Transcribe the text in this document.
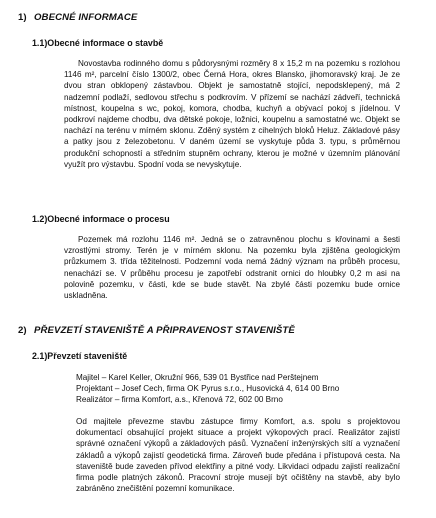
1) OBECNÉ INFORMACE
1.1)Obecné informace o stavbě

Novostavba rodinného domu s půdorysnými rozměry 8 x 15,2 m na pozemku s rozlohou 1146 m², parcelní číslo 1300/2, obec Černá Hora, okres Blansko, jihomoravský kraj. Je ze dvou stran obklopený zástavbou. Objekt je samostatně stojící, nepodsklepený, má 2 nadzemní podlaží, sedlovou střechu s podkrovím. V přízemí se nachází zádveří, technická místnost, koupelna s wc, pokoj, komora, chodba, kuchyň a obývací pokoj s jídelnou. V podkroví najdeme chodbu, dva dětské pokoje, ložnici, koupelnu a samostatné wc. Objekt se nachází na terénu v mírném sklonu. Zděný systém z cihelných bloků Heluz. Základové pásy a patky jsou z železobetonu. V daném území se vyskytuje půda 3. typu, s průměrnou produkční schopností a středním stupněm ochrany, kterou je možné v územním plánování využít pro výstavbu. Spodní voda se nevyskytuje.

1.2)Obecné informace o procesu

Pozemek má rozlohu 1146 m². Jedná se o zatravněnou plochu s křovinami a šesti vzrostlými stromy. Terén je v mírném sklonu. Na pozemku byla zjištěna geologickým průzkumem 3. třída těžitelnosti. Podzemní voda nemá žádný význam na průběh procesu, nenachází se. V průběhu procesu je zapotřebí odstranit ornici do hloubky 0,2 m asi na polovině pozemku, v části, kde se bude stavět. Na zbylé části pozemku bude ornice uskladněna.

2) PŘEVZETÍ STAVENIŠTĚ A PŘIPRAVENOST STAVENIŠTĚ
2.1)Převzetí staveniště
Majitel – Karel Keller, Okružní 966, 539 01 Bystřice nad Perštejnem
Projektant – Josef Cech, firma OK Pyrus s.r.o., Husovická 4, 614 00 Brno
Realizátor – firma Komfort, a.s., Křenová 72, 602 00 Brno

Od majitele převezme stavbu zástupce firmy Komfort, a.s. spolu s projektovou dokumentací obsahující projekt situace a projekt výkopových prací. Realizátor zajistí správné označení výkopů a základových pásů. Vyznačení inženýrských sítí a vyznačení základů a výkopů zajistí geodetická firma. Zároveň bude předána i přístupová cesta. Na staveniště bude zaveden přívod elektřiny a pitné vody. Likvidaci odpadu zajistí realizační firma podle platných zákonů. Pracovní stroje musejí být očištěny na stavbě, aby bylo zabráněno znečištění pozemní komunikace.
